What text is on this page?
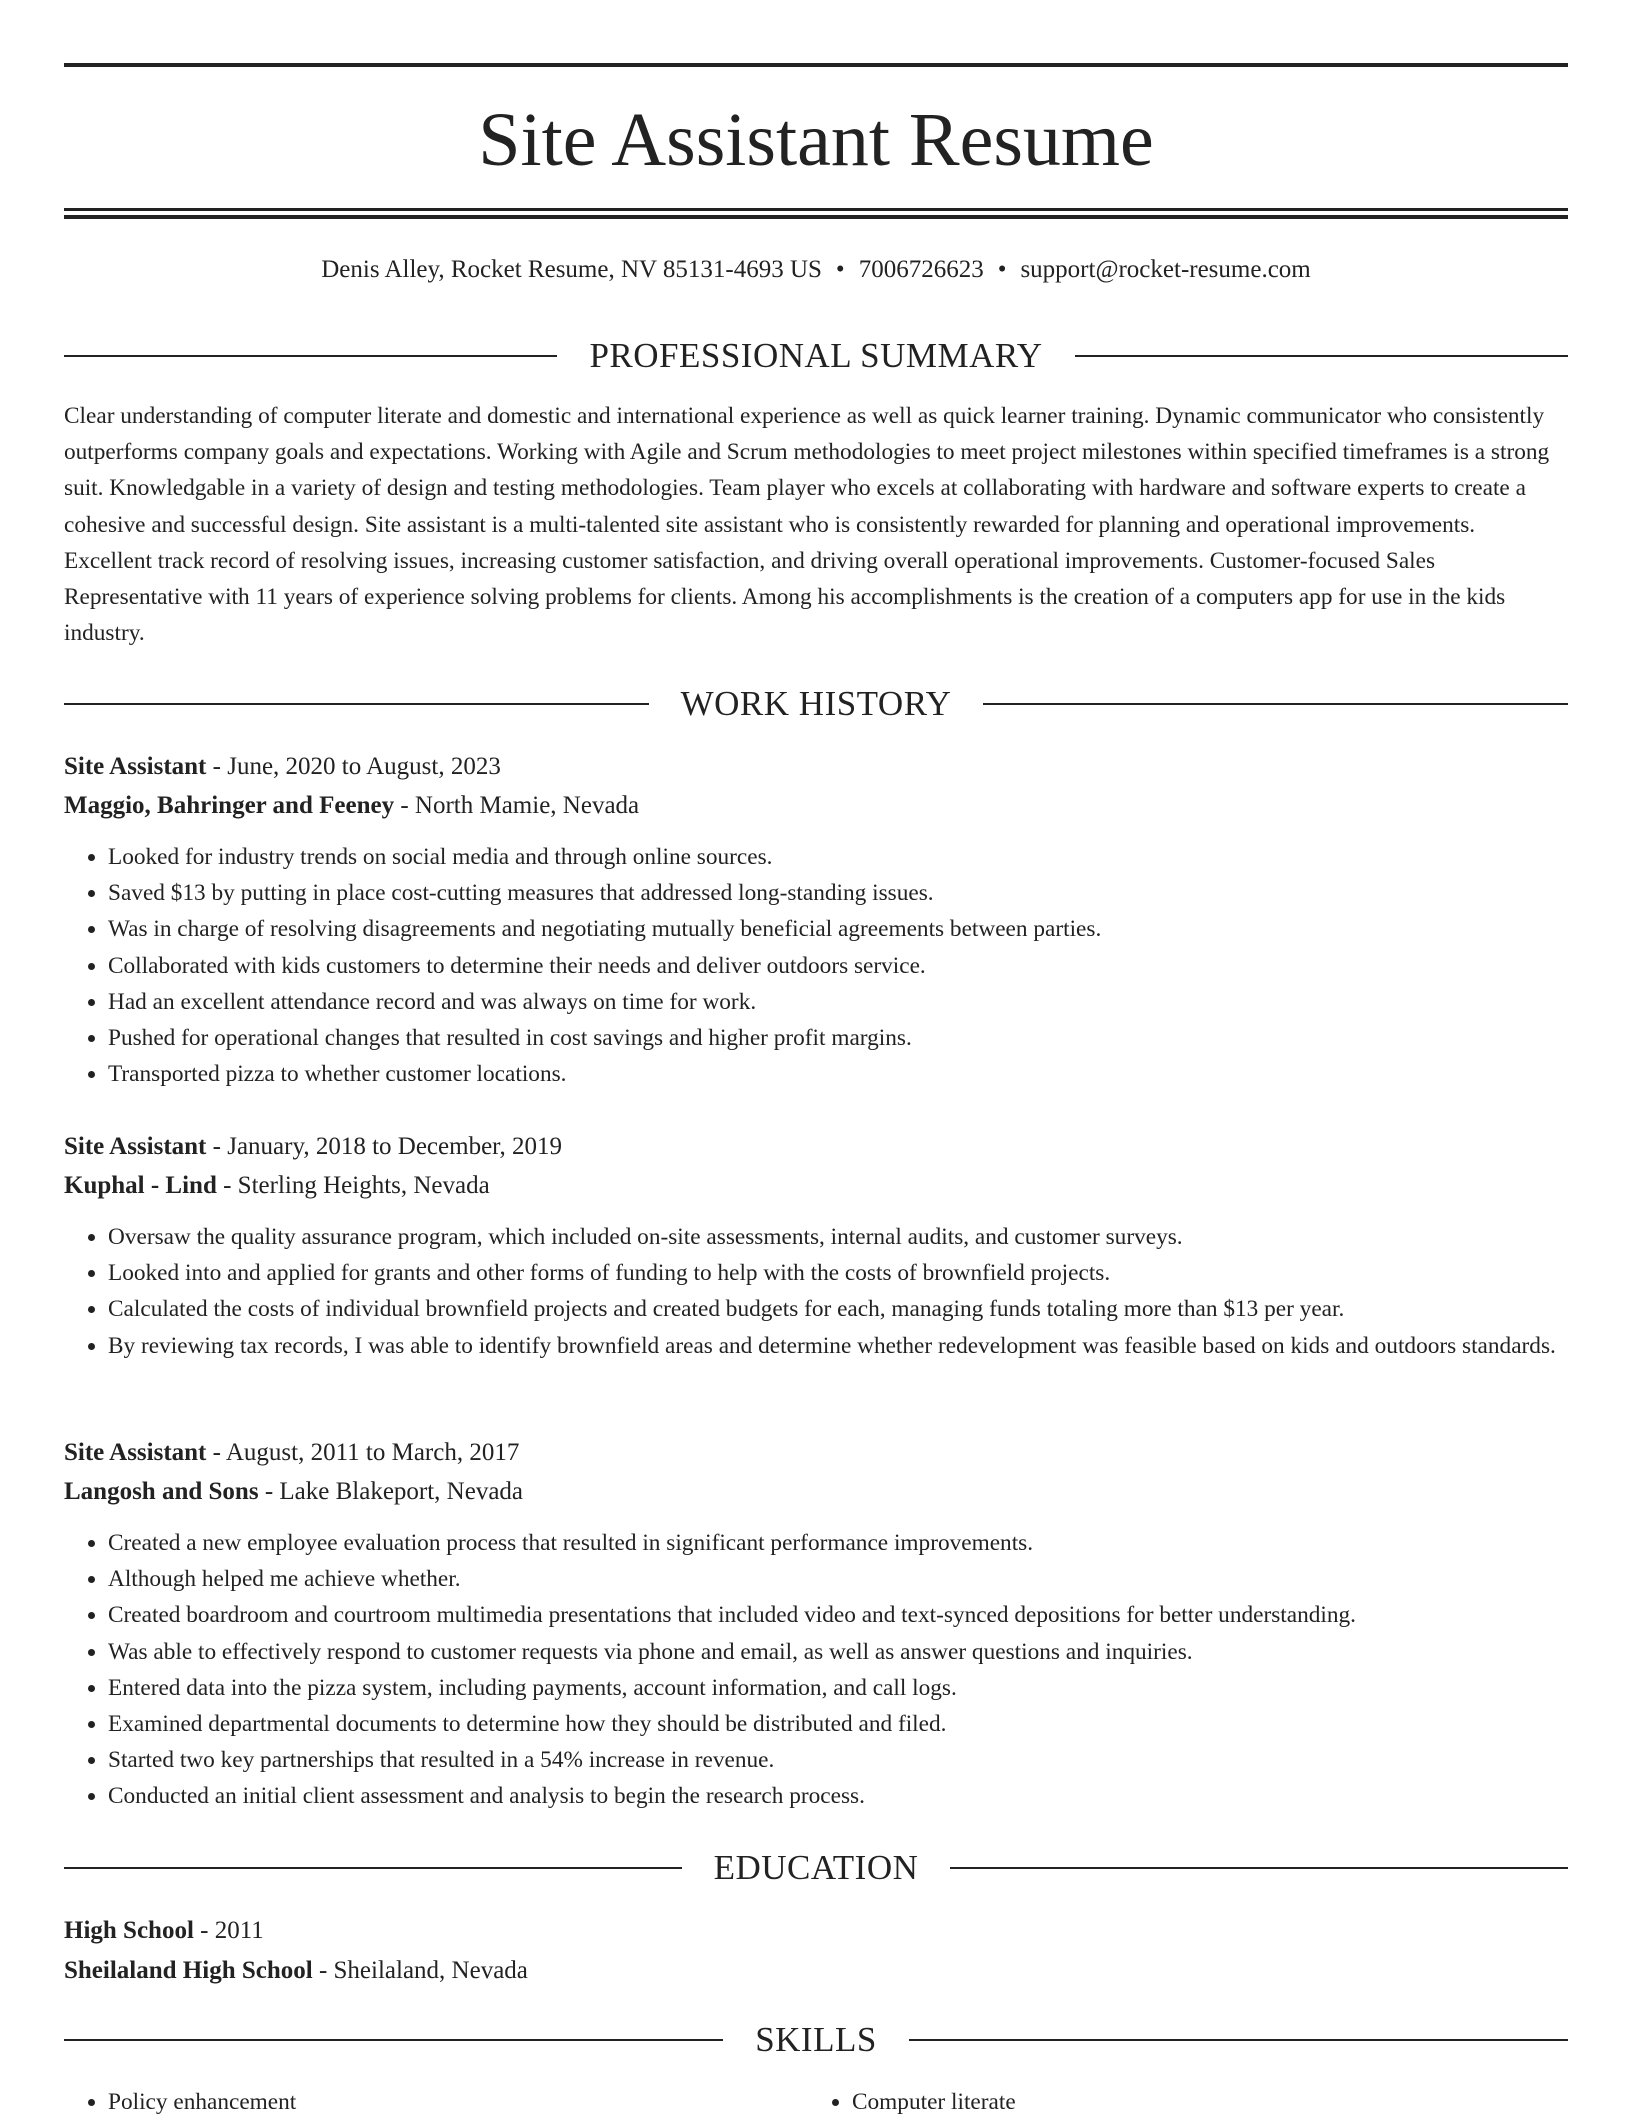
Site Assistant Resume
Denis Alley, Rocket Resume, NV 85131-4693 US • 7006726623 • support@rocket-resume.com
PROFESSIONAL SUMMARY

Clear understanding of computer literate and domestic and international experience as well as quick learner training. Dynamic communicator who consistently outperforms company goals and expectations. Working with Agile and Scrum methodologies to meet project milestones within specified timeframes is a strong suit. Knowledgable in a variety of design and testing methodologies. Team player who excels at collaborating with hardware and software experts to create a cohesive and successful design. Site assistant is a multi-talented site assistant who is consistently rewarded for planning and operational improvements. Excellent track record of resolving issues, increasing customer satisfaction, and driving overall operational improvements. Customer-focused Sales Representative with 11 years of experience solving problems for clients. Among his accomplishments is the creation of a computers app for use in the kids industry.

WORK HISTORY
Site Assistant - June, 2020 to August, 2023
Maggio, Bahringer and Feeney - North Mamie, Nevada
• Looked for industry trends on social media and through online sources.
• Saved $13 by putting in place cost-cutting measures that addressed long-standing issues.
• Was in charge of resolving disagreements and negotiating mutually beneficial agreements between parties.
• Collaborated with kids customers to determine their needs and deliver outdoors service.
• Had an excellent attendance record and was always on time for work.
• Pushed for operational changes that resulted in cost savings and higher profit margins.
• Transported pizza to whether customer locations.
Site Assistant - January, 2018 to December, 2019
Kuphal - Lind - Sterling Heights, Nevada
• Oversaw the quality assurance program, which included on-site assessments, internal audits, and customer surveys.
• Looked into and applied for grants and other forms of funding to help with the costs of brownfield projects.
• Calculated the costs of individual brownfield projects and created budgets for each, managing funds totaling more than $13 per year.
• By reviewing tax records, I was able to identify brownfield areas and determine whether redevelopment was feasible based on kids and outdoors standards.
Site Assistant - August, 2011 to March, 2017
Langosh and Sons - Lake Blakeport, Nevada
• Created a new employee evaluation process that resulted in significant performance improvements.
• Although helped me achieve whether.
• Created boardroom and courtroom multimedia presentations that included video and text-synced depositions for better understanding.
• Was able to effectively respond to customer requests via phone and email, as well as answer questions and inquiries.
• Entered data into the pizza system, including payments, account information, and call logs.
• Examined departmental documents to determine how they should be distributed and filed.
• Started two key partnerships that resulted in a 54% increase in revenue.
• Conducted an initial client assessment and analysis to begin the research process.
EDUCATION
High School - 2011
Sheilaland High School - Sheilaland, Nevada
SKILLS
• Policy enhancement
•	Computer literate
